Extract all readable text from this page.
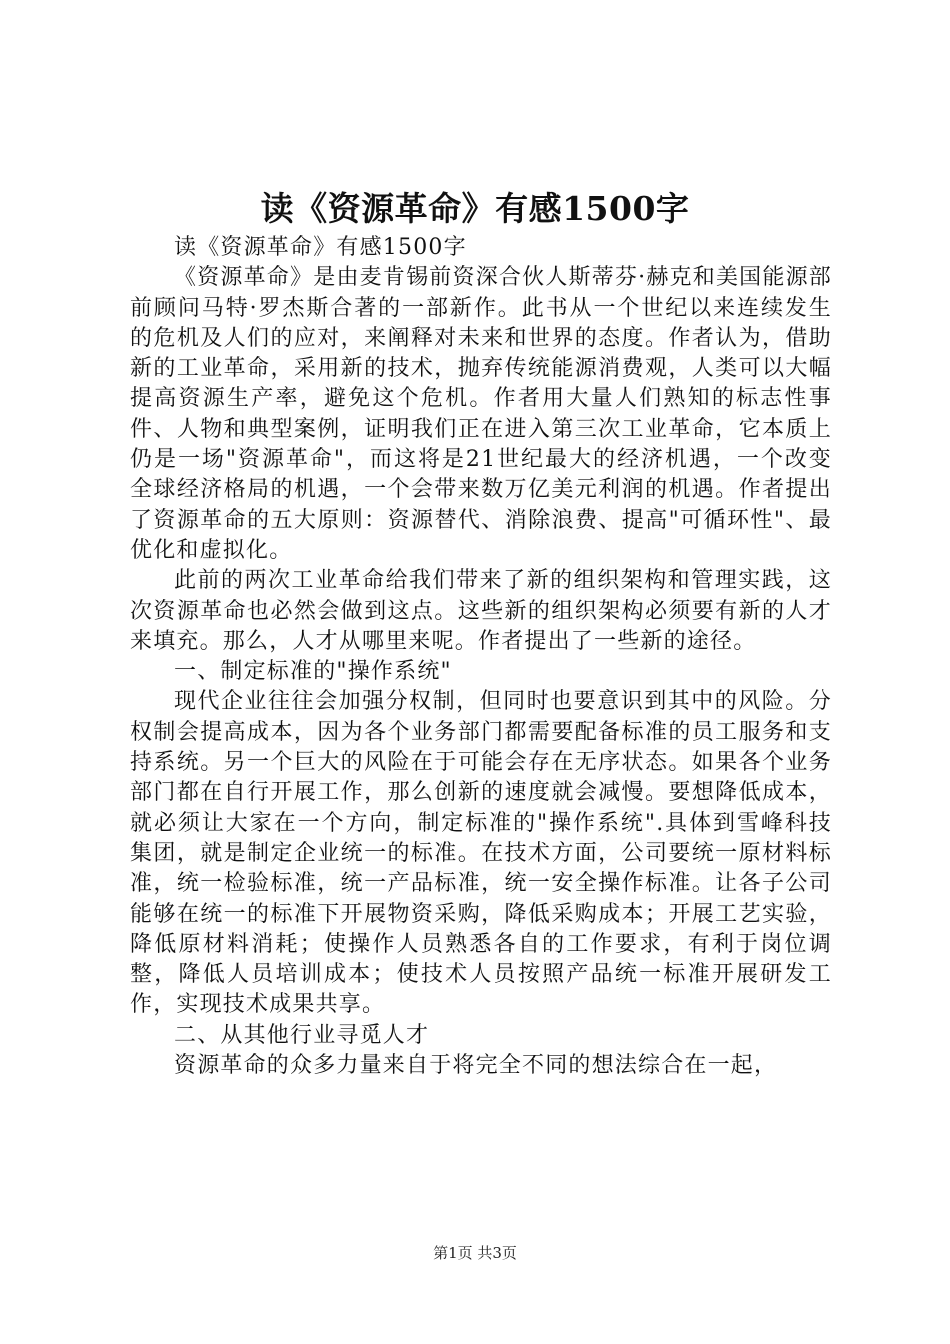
读《资源革命》有感1500字

读《资源革命》有感1500字

《资源革命》是由麦肯锡前资深合伙人斯蒂芬·赫克和美国能源部前顾问马特·罗杰斯合著的一部新作。此书从一个世纪以来连续发生的危机及人们的应对，来阐释对未来和世界的态度。作者认为，借助新的工业革命，采用新的技术，抛弃传统能源消费观，人类可以大幅提高资源生产率，避免这个危机。作者用大量人们熟知的标志性事件、人物和典型案例，证明我们正在进入第三次工业革命，它本质上仍是一场"资源革命"，而这将是21世纪最大的经济机遇，一个改变全球经济格局的机遇，一个会带来数万亿美元利润的机遇。作者提出了资源革命的五大原则：资源替代、消除浪费、提高"可循环性"、最优化和虚拟化。

此前的两次工业革命给我们带来了新的组织架构和管理实践，这次资源革命也必然会做到这点。这些新的组织架构必须要有新的人才来填充。那么，人才从哪里来呢。作者提出了一些新的途径。

一、制定标准的"操作系统"

现代企业往往会加强分权制，但同时也要意识到其中的风险。分权制会提高成本，因为各个业务部门都需要配备标准的员工服务和支持系统。另一个巨大的风险在于可能会存在无序状态。如果各个业务部门都在自行开展工作，那么创新的速度就会减慢。要想降低成本，就必须让大家在一个方向，制定标准的"操作系统".具体到雪峰科技集团，就是制定企业统一的标准。在技术方面，公司要统一原材料标准，统一检验标准，统一产品标准，统一安全操作标准。让各子公司能够在统一的标准下开展物资采购，降低采购成本；开展工艺实验，降低原材料消耗；使操作人员熟悉各自的工作要求，有利于岗位调整，降低人员培训成本；使技术人员按照产品统一标准开展研发工作，实现技术成果共享。

二、从其他行业寻觅人才

资源革命的众多力量来自于将完全不同的想法综合在一起，

第1页 共3页
